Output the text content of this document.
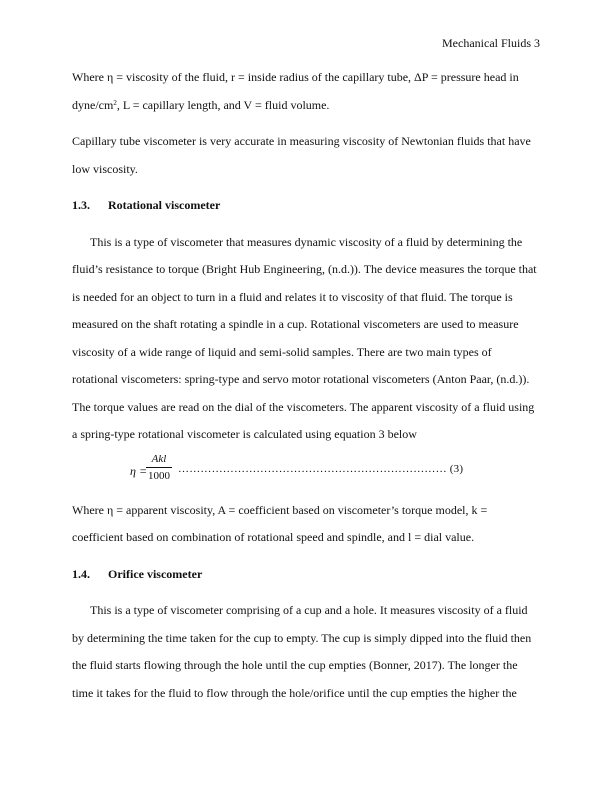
Mechanical Fluids 3

Where η = viscosity of the fluid, r = inside radius of the capillary tube, ΔP = pressure head in
dyne/$cm^2$, L = capillary length, and V = fluid volume.

Capillary tube viscometer is very accurate in measuring viscosity of Newtonian fluids that have low viscosity.

1.3. Rotational viscometer

This is a type of viscometer that measures dynamic viscosity of a fluid by determining the fluid’s resistance to torque (Bright Hub Engineering, (n.d.)). The device measures the torque that is needed for an object to turn in a fluid and relates it to viscosity of that fluid. The torque is measured on the shaft rotating a spindle in a cup. Rotational viscometers are used to measure viscosity of a wide range of liquid and semi-solid samples. There are two main types of rotational viscometers: spring-type and servo motor rotational viscometers (Anton Paar, (n.d.)). The torque values are read on the dial of the viscometers. The apparent viscosity of a fluid using a spring-type rotational viscometer is calculated using equation 3 below

η =
Akl
1000
……………………………………………………………… (3)

Where η = apparent viscosity, A = coefficient based on viscometer’s torque model, k = coefficient based on combination of rotational speed and spindle, and l = dial value.

1.4. Orifice viscometer

This is a type of viscometer comprising of a cup and a hole. It measures viscosity of a fluid by determining the time taken for the cup to empty. The cup is simply dipped into the fluid then the fluid starts flowing through the hole until the cup empties (Bonner, 2017). The longer the time it takes for the fluid to flow through the hole/orifice until the cup empties the higher the
